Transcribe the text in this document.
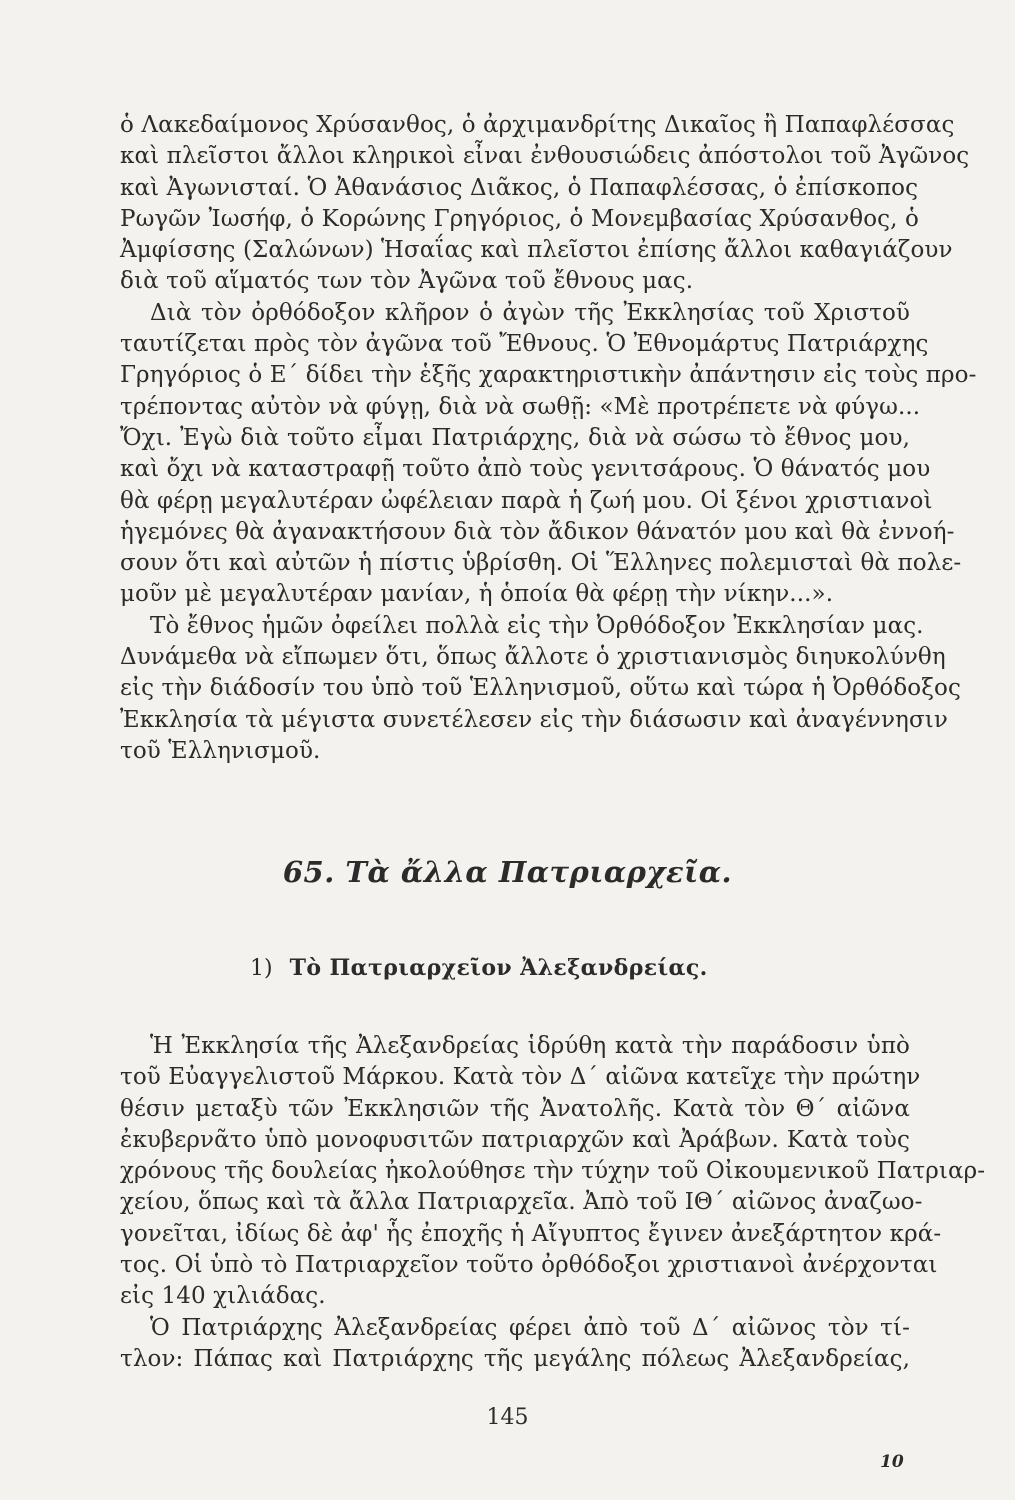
ὁ Λακεδαίμονος Χρύσανθος, ὁ ἀρχιμανδρίτης Δικαῖος ἢ Παπαφλέσσας
καὶ πλεῖστοι ἄλλοι κληρικοὶ εἶναι ἐνθουσιώδεις ἀπόστολοι τοῦ Ἀγῶνος
καὶ Ἀγωνισταί. Ὁ Ἀθανάσιος Διᾶκος, ὁ Παπαφλέσσας, ὁ ἐπίσκοπος
Ρωγῶν Ἰωσήφ, ὁ Κορώνης Γρηγόριος, ὁ Μονεμβασίας Χρύσανθος, ὁ
Ἀμφίσσης (Σαλώνων) Ἡσαΐας καὶ πλεῖστοι ἐπίσης ἄλλοι καθαγιάζουν
διὰ τοῦ αἵματός των τὸν Ἀγῶνα τοῦ ἔθνους μας.
Διὰ τὸν ὀρθόδοξον κλῆρον ὁ ἀγὼν τῆς Ἐκκλησίας τοῦ Χριστοῦ
ταυτίζεται πρὸς τὸν ἀγῶνα τοῦ Ἔθνους. Ὁ Ἐθνομάρτυς Πατριάρχης
Γρηγόριος ὁ Ε΄ δίδει τὴν ἑξῆς χαρακτηριστικὴν ἀπάντησιν εἰς τοὺς προ-
τρέποντας αὐτὸν νὰ φύγῃ, διὰ νὰ σωθῇ: «Μὲ προτρέπετε νὰ φύγω...
Ὄχι. Ἐγὼ διὰ τοῦτο εἶμαι Πατριάρχης, διὰ νὰ σώσω τὸ ἔθνος μου,
καὶ ὄχι νὰ καταστραφῇ τοῦτο ἀπὸ τοὺς γενιτσάρους. Ὁ θάνατός μου
θὰ φέρῃ μεγαλυτέραν ὠφέλειαν παρὰ ἡ ζωή μου. Οἱ ξένοι χριστιανοὶ
ἡγεμόνες θὰ ἀγανακτήσουν διὰ τὸν ἄδικον θάνατόν μου καὶ θὰ ἐννοή-
σουν ὅτι καὶ αὐτῶν ἡ πίστις ὑβρίσθη. Οἱ Ἕλληνες πολεμισταὶ θὰ πολε-
μοῦν μὲ μεγαλυτέραν μανίαν, ἡ ὁποία θὰ φέρῃ τὴν νίκην...».
Τὸ ἔθνος ἡμῶν ὀφείλει πολλὰ εἰς τὴν Ὀρθόδοξον Ἐκκλησίαν μας.
Δυνάμεθα νὰ εἴπωμεν ὅτι, ὅπως ἄλλοτε ὁ χριστιανισμὸς διηυκολύνθη
εἰς τὴν διάδοσίν του ὑπὸ τοῦ Ἑλληνισμοῦ, οὕτω καὶ τώρα ἡ Ὀρθόδοξος
Ἐκκλησία τὰ μέγιστα συνετέλεσεν εἰς τὴν διάσωσιν καὶ ἀναγέννησιν
τοῦ Ἑλληνισμοῦ.
65. Τὰ ἄλλα Πατριαρχεῖα.
1) Τὸ Πατριαρχεῖον Ἀλεξανδρείας.
Ἡ Ἐκκλησία τῆς Ἀλεξανδρείας ἱδρύθη κατὰ τὴν παράδοσιν ὑπὸ
τοῦ Εὐαγγελιστοῦ Μάρκου. Κατὰ τὸν Δ΄ αἰῶνα κατεῖχε τὴν πρώτην
θέσιν μεταξὺ τῶν Ἐκκλησιῶν τῆς Ἀνατολῆς. Κατὰ τὸν Θ΄ αἰῶνα
ἐκυβερνᾶτο ὑπὸ μονοφυσιτῶν πατριαρχῶν καὶ Ἀράβων. Κατὰ τοὺς
χρόνους τῆς δουλείας ἠκολούθησε τὴν τύχην τοῦ Οἰκουμενικοῦ Πατριαρ-
χείου, ὅπως καὶ τὰ ἄλλα Πατριαρχεῖα. Ἀπὸ τοῦ ΙΘ΄ αἰῶνος ἀναζωο-
γονεῖται, ἰδίως δὲ ἀφ' ἧς ἐποχῆς ἡ Αἴγυπτος ἔγινεν ἀνεξάρτητον κρά-
τος. Οἱ ὑπὸ τὸ Πατριαρχεῖον τοῦτο ὀρθόδοξοι χριστιανοὶ ἀνέρχονται
εἰς 140 χιλιάδας.
Ὁ Πατριάρχης Ἀλεξανδρείας φέρει ἀπὸ τοῦ Δ΄ αἰῶνος τὸν τί-
τλον: Πάπας καὶ Πατριάρχης τῆς μεγάλης πόλεως Ἀλεξανδρείας,
145
10
